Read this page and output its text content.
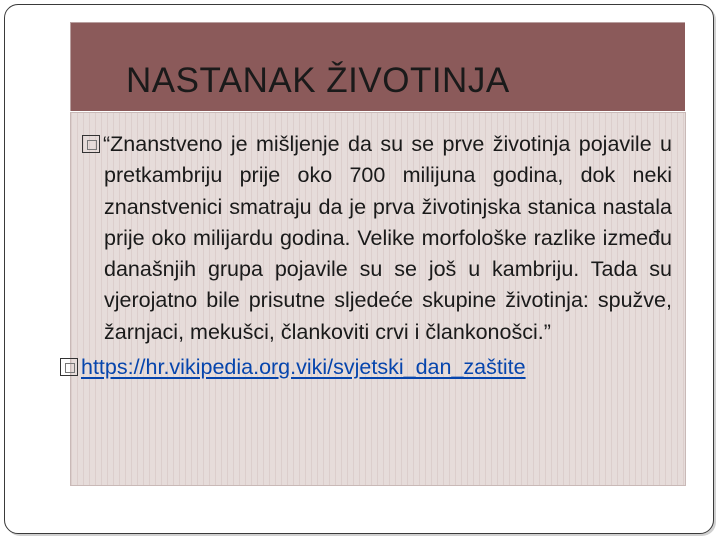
NASTANAK ŽIVOTINJA

“Znanstveno je mišljenje da su se prve životinja pojavile u pretkambriju prije oko 700 milijuna godina, dok neki znanstvenici smatraju da je prva životinjska stanica nastala prije oko milijardu godina. Velike morfološke razlike između današnjih grupa pojavile su se još u kambriju. Tada su vjerojatno bile prisutne sljedeće skupine životinja: spužve, žarnjaci, mekušci, člankoviti crvi i člankonošci.”

https://hr.vikipedia.org.viki/svjetski_dan_zaštite
